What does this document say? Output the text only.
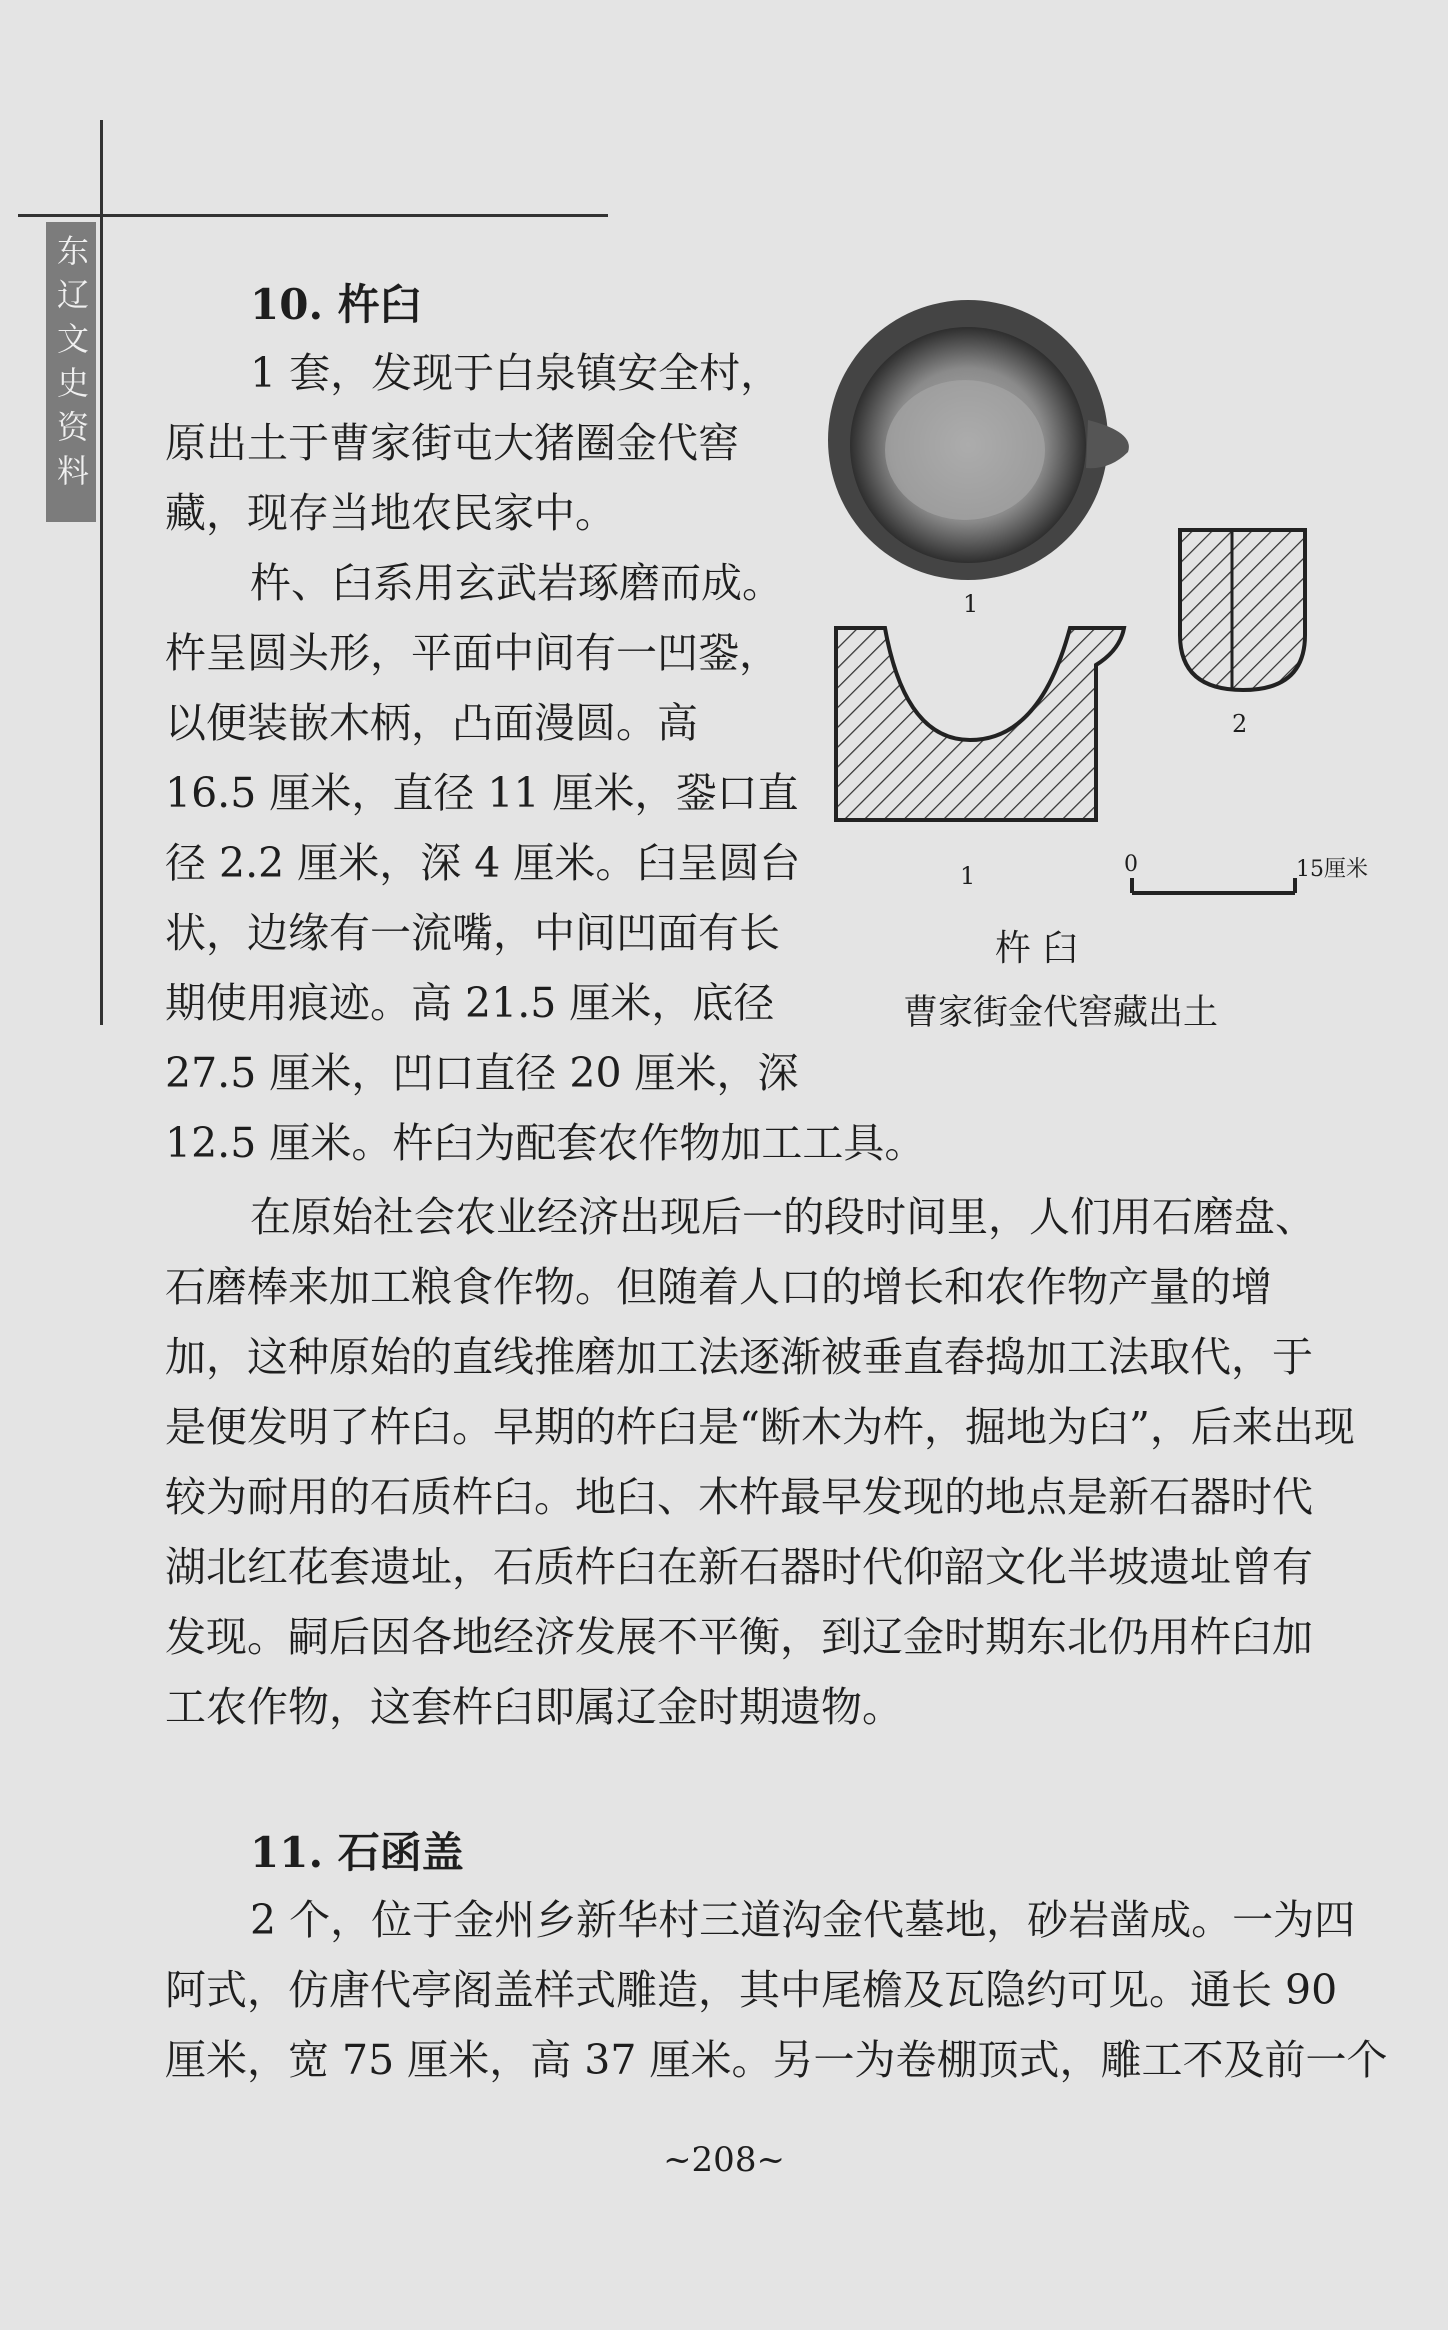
东辽文史资料	10. 杵臼
1 套，发现于白泉镇安全村，
原出土于曹家街屯大猪圈金代窖
藏，现存当地农民家中。
杵、臼系用玄武岩琢磨而成。
杵呈圆头形，平面中间有一凹銎，
以便装嵌木柄，凸面漫圆。高
16.5 厘米，直径 11 厘米，銎口直
径 2.2 厘米，深 4 厘米。臼呈圆台
状，边缘有一流嘴，中间凹面有长
期使用痕迹。高 21.5 厘米，底径
27.5 厘米，凹口直径 20 厘米，深
12.5 厘米。杵臼为配套农作物加工工具。
1
1
2
0	15厘米
杵 臼
曹家街金代窖藏出土
在原始社会农业经济出现后一的段时间里，人们用石磨盘、
石磨棒来加工粮食作物。但随着人口的增长和农作物产量的增
加，这种原始的直线推磨加工法逐渐被垂直舂捣加工法取代，于
是便发明了杵臼。早期的杵臼是“断木为杵，掘地为臼”，后来出现
较为耐用的石质杵臼。地臼、木杵最早发现的地点是新石器时代
湖北红花套遗址，石质杵臼在新石器时代仰韶文化半坡遗址曾有
发现。嗣后因各地经济发展不平衡，到辽金时期东北仍用杵臼加
工农作物，这套杵臼即属辽金时期遗物。
11. 石函盖
2 个，位于金州乡新华村三道沟金代墓地，砂岩凿成。一为四
阿式，仿唐代亭阁盖样式雕造，其中尾檐及瓦隐约可见。通长 90
厘米，宽 75 厘米，高 37 厘米。另一为卷棚顶式，雕工不及前一个
~208~
